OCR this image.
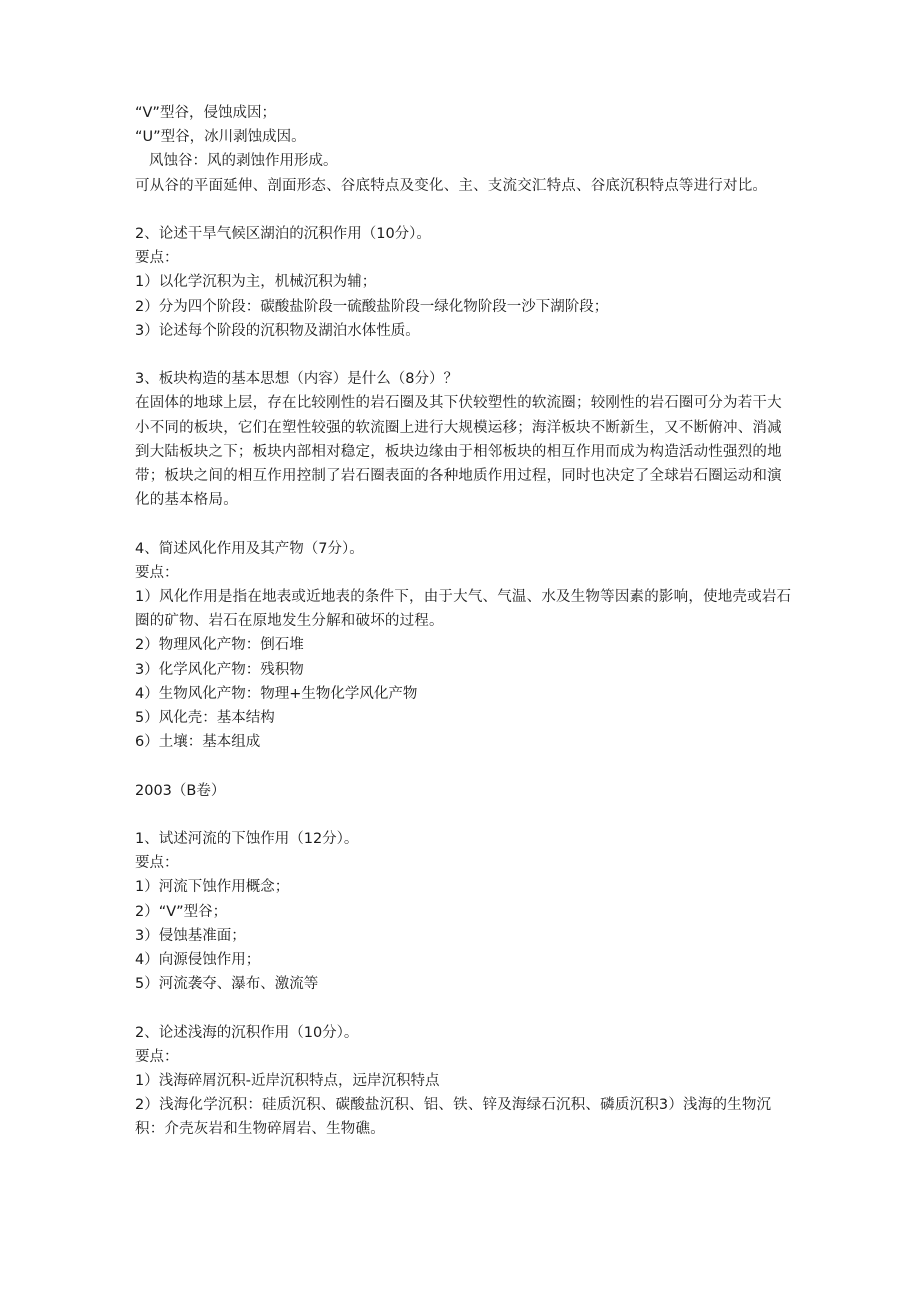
“V”型谷，侵蚀成因；

“U”型谷，冰川剥蚀成因。

风蚀谷：风的剥蚀作用形成。

可从谷的平面延伸、剖面形态、谷底特点及变化、主、支流交汇特点、谷底沉积特点等进行对比。

2、论述干旱气候区湖泊的沉积作用（10分）。

要点：

1）以化学沉积为主，机械沉积为辅；

2）分为四个阶段：碳酸盐阶段一硫酸盐阶段一绿化物阶段一沙下湖阶段；

3）论述每个阶段的沉积物及湖泊水体性质。

3、板块构造的基本思想（内容）是什么（8分）？

在固体的地球上层，存在比较刚性的岩石圈及其下伏较塑性的软流圈；较刚性的岩石圈可分为若干大小不同的板块，它们在塑性较强的软流圈上进行大规模运移；海洋板块不断新生，又不断俯冲、消减到大陆板块之下；板块内部相对稳定，板块边缘由于相邻板块的相互作用而成为构造活动性强烈的地带；板块之间的相互作用控制了岩石圈表面的各种地质作用过程，同时也决定了全球岩石圈运动和演化的基本格局。

4、简述风化作用及其产物（7分）。

要点：

1）风化作用是指在地表或近地表的条件下，由于大气、气温、水及生物等因素的影响，使地壳或岩石圈的矿物、岩石在原地发生分解和破坏的过程。

2）物理风化产物：倒石堆

3）化学风化产物：残积物

4）生物风化产物：物理+生物化学风化产物

5）风化壳：基本结构

6）土壤：基本组成

2003（B卷）

1、试述河流的下蚀作用（12分）。

要点：

1）河流下蚀作用概念；

2）“V”型谷；

3）侵蚀基准面；

4）向源侵蚀作用；

5）河流袭夺、瀑布、激流等

2、论述浅海的沉积作用（10分）。

要点：

1）浅海碎屑沉积-近岸沉积特点，远岸沉积特点

2）浅海化学沉积：硅质沉积、碳酸盐沉积、铝、铁、锌及海绿石沉积、磷质沉积3）浅海的生物沉积：介壳灰岩和生物碎屑岩、生物礁。
